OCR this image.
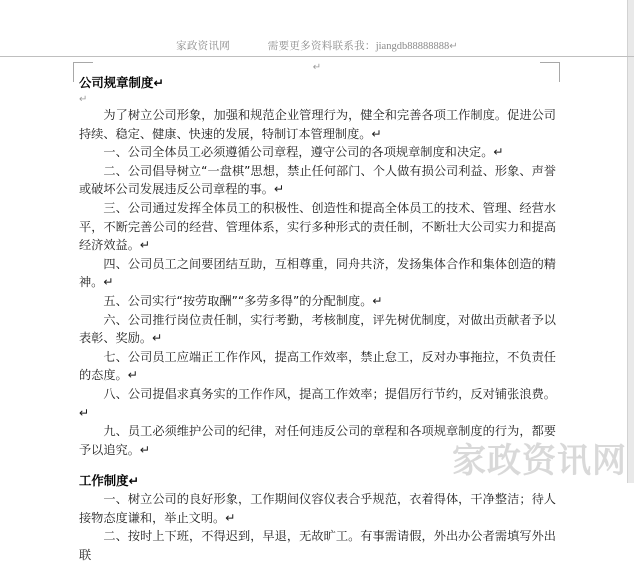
家政资讯网	需要更多资料联系我：jiangdb88888888↵
↵

公司规章制度↵

↵

为了树立公司形象，加强和规范企业管理行为，健全和完善各项工作制度。促进公司持续、稳定、健康、快速的发展，特制订本管理制度。↵

一、公司全体员工必须遵循公司章程，遵守公司的各项规章制度和决定。↵

二、公司倡导树立“一盘棋”思想，禁止任何部门、个人做有损公司利益、形象、声誉或破坏公司发展违反公司章程的事。↵

三、公司通过发挥全体员工的积极性、创造性和提高全体员工的技术、管理、经营水平，不断完善公司的经营、管理体系，实行多种形式的责任制，不断壮大公司实力和提高经济效益。↵

四、公司员工之间要团结互助，互相尊重，同舟共济，发扬集体合作和集体创造的精神。↵

五、公司实行“按劳取酬”“多劳多得”的分配制度。↵

六、公司推行岗位责任制，实行考勤，考核制度，评先树优制度，对做出贡献者予以表彰、奖励。↵

七、公司员工应端正工作作风，提高工作效率，禁止怠工，反对办事拖拉，不负责任的态度。↵

八、公司提倡求真务实的工作作风，提高工作效率；提倡厉行节约，反对铺张浪费。↵

九、员工必须维护公司的纪律，对任何违反公司的章程和各项规章制度的行为，都要予以追究。↵

工作制度↵

一、树立公司的良好形象，工作期间仪容仪表合乎规范，衣着得体，干净整洁；待人接物态度谦和，举止文明。↵

二、按时上下班，不得迟到，早退，无故旷工。有事需请假，外出办公者需填写外出联

家政资讯网
